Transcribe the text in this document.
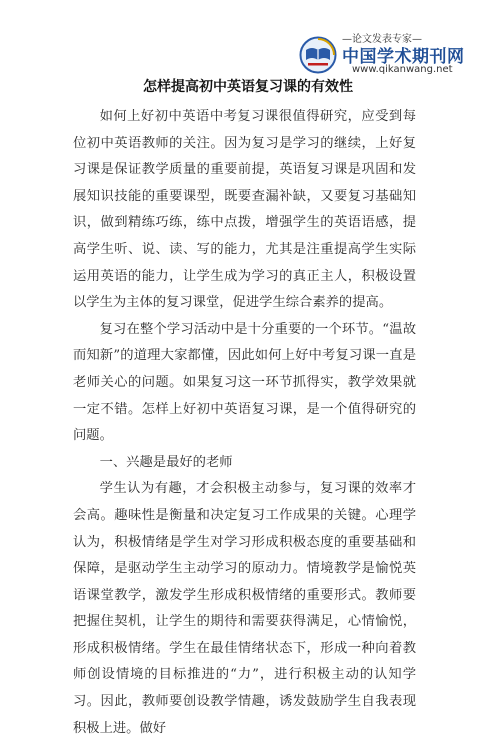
—论文发表专家—
中国学术期刊网
www.qikanwang.net
怎样提高初中英语复习课的有效性

如何上好初中英语中考复习课很值得研究，应受到每位初中英语教师的关注。因为复习是学习的继续，上好复习课是保证教学质量的重要前提，英语复习课是巩固和发展知识技能的重要课型，既要查漏补缺，又要复习基础知识，做到精练巧练，练中点拨，增强学生的英语语感，提高学生听、说、读、写的能力，尤其是注重提高学生实际运用英语的能力，让学生成为学习的真正主人，积极设置以学生为主体的复习课堂，促进学生综合素养的提高。

复习在整个学习活动中是十分重要的一个环节。“温故而知新”的道理大家都懂，因此如何上好中考复习课一直是老师关心的问题。如果复习这一环节抓得实，教学效果就一定不错。怎样上好初中英语复习课，是一个值得研究的问题。

一、兴趣是最好的老师

学生认为有趣，才会积极主动参与，复习课的效率才会高。趣味性是衡量和决定复习工作成果的关键。心理学认为，积极情绪是学生对学习形成积极态度的重要基础和保障，是驱动学生主动学习的原动力。情境教学是愉悦英语课堂教学，激发学生形成积极情绪的重要形式。教师要把握住契机，让学生的期待和需要获得满足，心情愉悦，形成积极情绪。学生在最佳情绪状态下，形成一种向着教师创设情境的目标推进的“力”，进行积极主动的认知学习。因此，教师要创设教学情趣，诱发鼓励学生自我表现积极上进。做好
